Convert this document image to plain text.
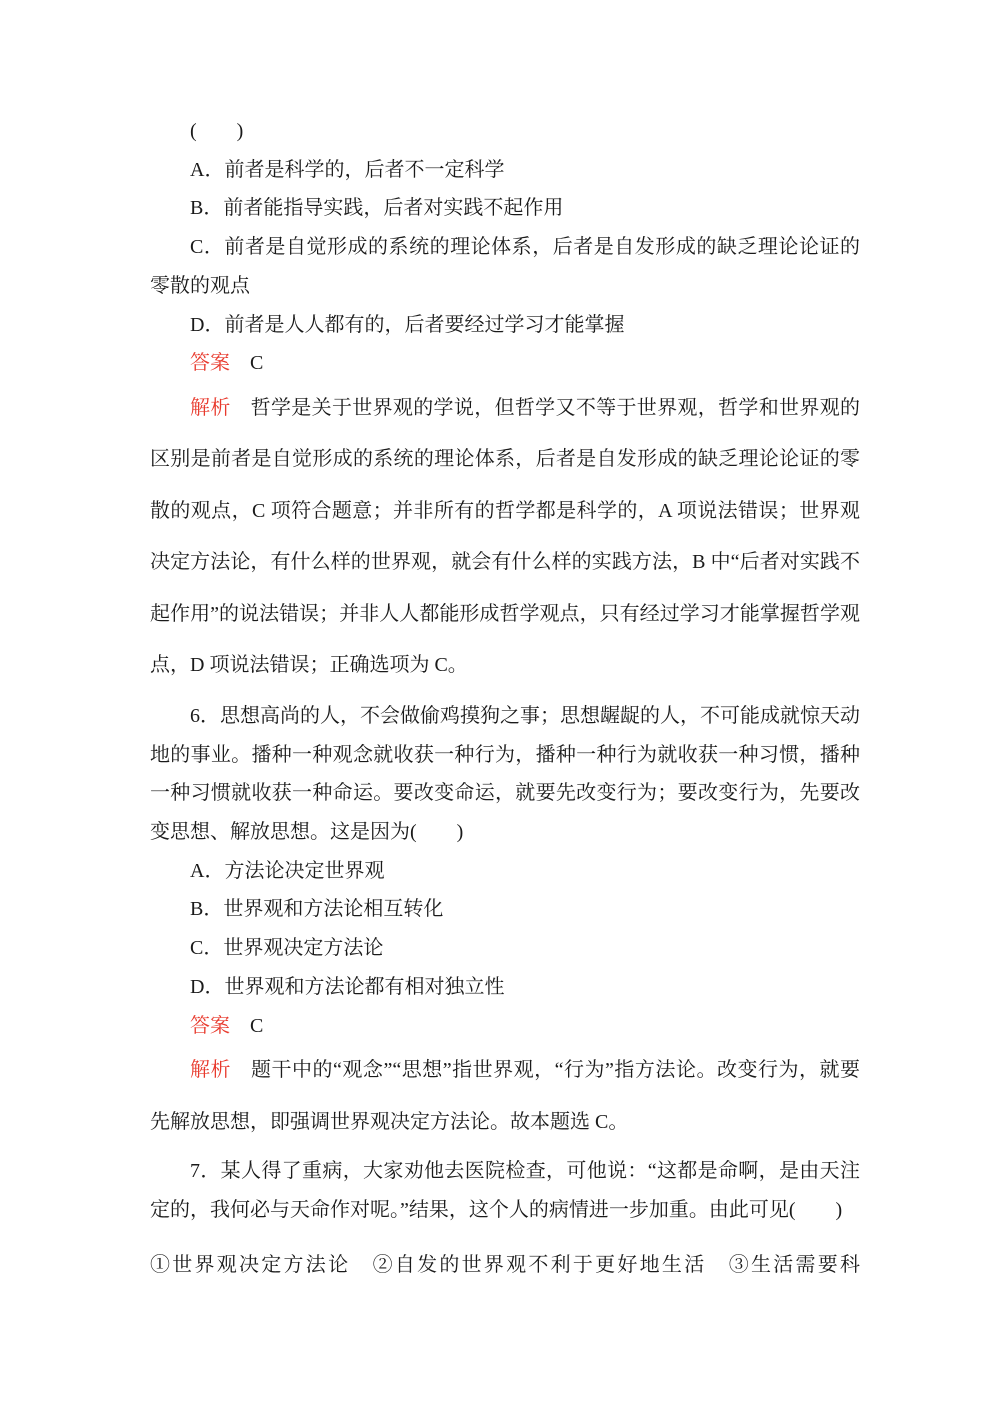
(　　)

A．前者是科学的，后者不一定科学

B．前者能指导实践，后者对实践不起作用

C．前者是自觉形成的系统的理论体系，后者是自发形成的缺乏理论论证的零散的观点

D．前者是人人都有的，后者要经过学习才能掌握

答案 C

解析 哲学是关于世界观的学说，但哲学又不等于世界观，哲学和世界观的区别是前者是自觉形成的系统的理论体系，后者是自发形成的缺乏理论论证的零散的观点，C 项符合题意；并非所有的哲学都是科学的，A 项说法错误；世界观决定方法论，有什么样的世界观，就会有什么样的实践方法，B 中“后者对实践不起作用”的说法错误；并非人人都能形成哲学观点，只有经过学习才能掌握哲学观点，D 项说法错误；正确选项为 C。

6．思想高尚的人，不会做偷鸡摸狗之事；思想龌龊的人，不可能成就惊天动地的事业。播种一种观念就收获一种行为，播种一种行为就收获一种习惯，播种一种习惯就收获一种命运。要改变命运，就要先改变行为；要改变行为，先要改变思想、解放思想。这是因为(　　)

A．方法论决定世界观

B．世界观和方法论相互转化

C．世界观决定方法论

D．世界观和方法论都有相对独立性

答案 C

解析 题干中的“观念”“思想”指世界观，“行为”指方法论。改变行为，就要先解放思想，即强调世界观决定方法论。故本题选 C。

7．某人得了重病，大家劝他去医院检查，可他说：“这都是命啊，是由天注定的，我何必与天命作对呢。”结果，这个人的病情进一步加重。由此可见(　　)

①世界观决定方法论　②自发的世界观不利于更好地生活　③生活需要科
